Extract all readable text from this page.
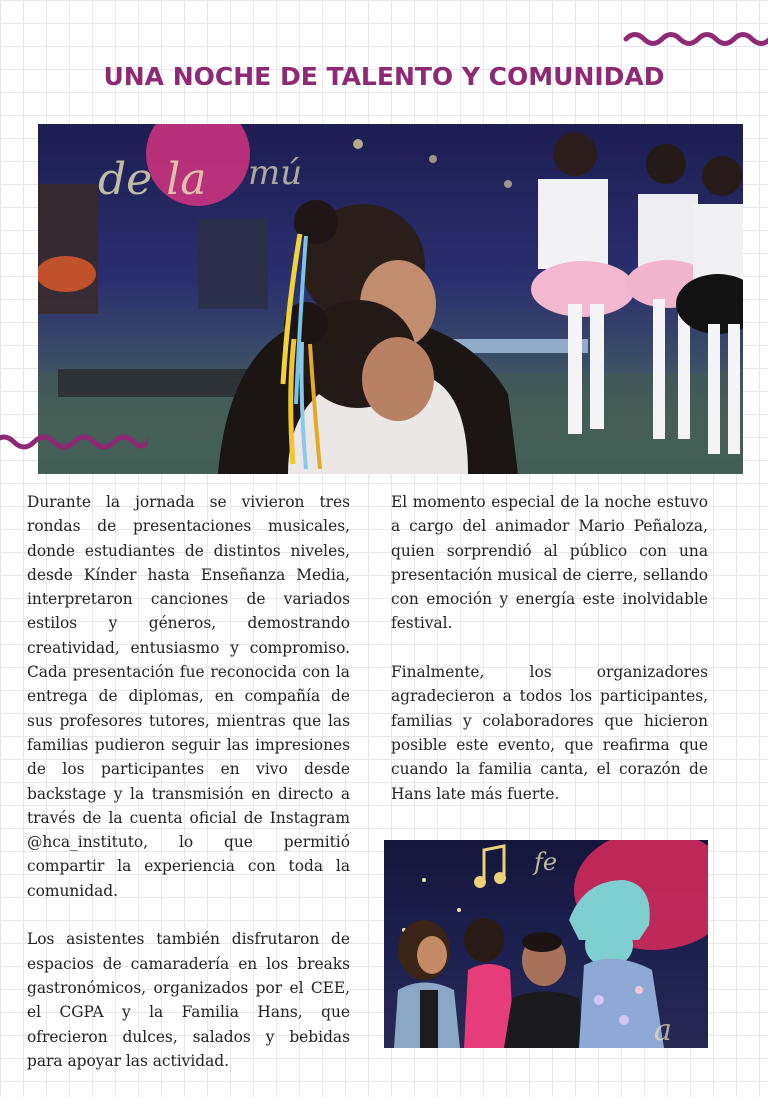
UNA NOCHE DE TALENTO Y COMUNIDAD
de la mú

Durante la jornada se vivieron tres rondas de presentaciones musicales, donde estudiantes de distintos niveles, desde Kínder hasta Enseñanza Media, interpretaron canciones de variados estilos y géneros, demostrando creatividad, entusiasmo y compromiso. Cada presentación fue reconocida con la entrega de diplomas, en compañía de sus profesores tutores, mientras que las familias pudieron seguir las impresiones de los participantes en vivo desde backstage y la transmisión en directo a través de la cuenta oficial de Instagram @hca_instituto, lo que permitió compartir la experiencia con toda la comunidad.

Los asistentes también disfrutaron de espacios de camaradería en los breaks gastronómicos, organizados por el CEE, el CGPA y la Familia Hans, que ofrecieron dulces, salados y bebidas para apoyar las actividad.

El momento especial de la noche estuvo a cargo del animador Mario Peñaloza, quien sorprendió al público con una presentación musical de cierre, sellando con emoción y energía este inolvidable festival.

Finalmente, los organizadores agradecieron a todos los participantes, familias y colaboradores que hicieron posible este evento, que reafirma que cuando la familia canta, el corazón de Hans late más fuerte.

fe
a
